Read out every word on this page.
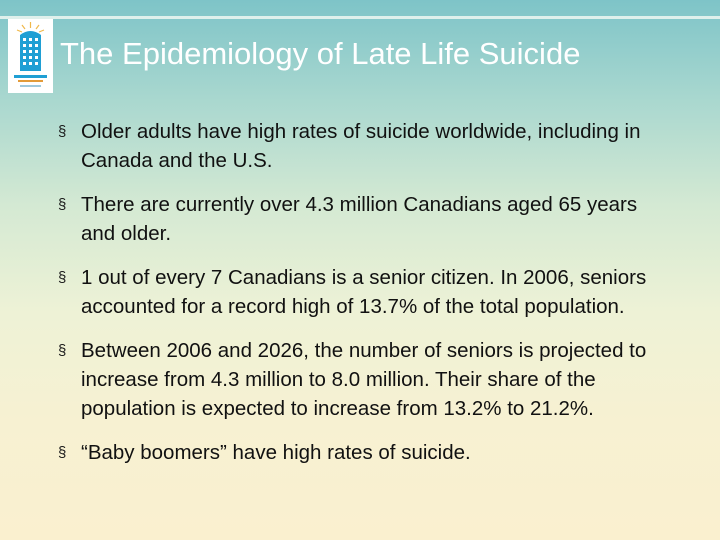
The Epidemiology of Late Life Suicide
§ Older adults have high rates of suicide worldwide, including in Canada and the U.S.
§ There are currently over 4.3 million Canadians aged 65 years and older.
§ 1 out of every 7 Canadians is a senior citizen. In 2006, seniors accounted for a record high of 13.7% of the total population.
§ Between 2006 and 2026, the number of seniors is projected to increase from 4.3 million to 8.0 million. Their share of the population is expected to increase from 13.2% to 21.2%.
§ “Baby boomers” have high rates of suicide.
